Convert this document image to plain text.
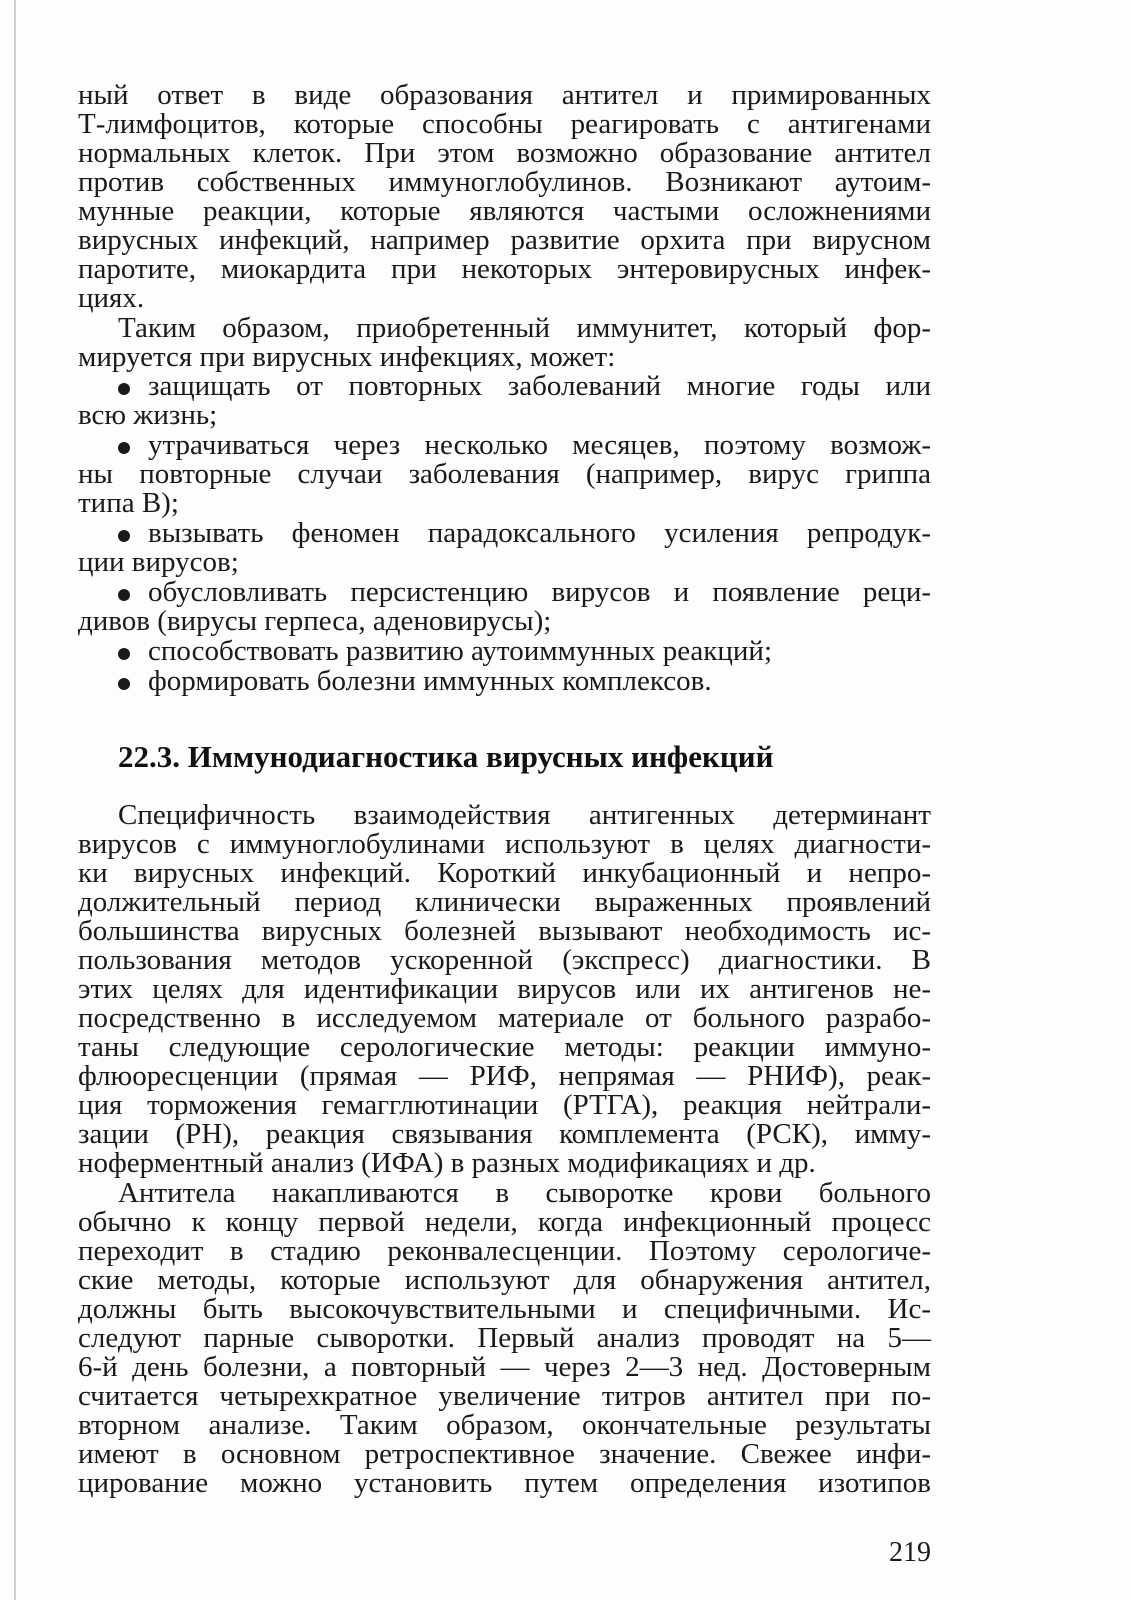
ный ответ в виде образования антител и примированных
Т-лимфоцитов, которые способны реагировать с антигенами
нормальных клеток. При этом возможно образование антител
против собственных иммуноглобулинов. Возникают аутоим-
мунные реакции, которые являются частыми осложнениями
вирусных инфекций, например развитие орхита при вирусном
паротите, миокардита при некоторых энтеровирусных инфек-
циях.
Таким образом, приобретенный иммунитет, который фор-
мируется при вирусных инфекциях, может:
защищать от повторных заболеваний многие годы или
всю жизнь;
утрачиваться через несколько месяцев, поэтому возмож-
ны повторные случаи заболевания (например, вирус гриппа
типа В);
вызывать феномен парадоксального усиления репродук-
ции вирусов;
обусловливать персистенцию вирусов и появление реци-
дивов (вирусы герпеса, аденовирусы);
способствовать развитию аутоиммунных реакций;
формировать болезни иммунных комплексов.
22.3. Иммунодиагностика вирусных инфекций
Специфичность взаимодействия антигенных детерминант
вирусов с иммуноглобулинами используют в целях диагности-
ки вирусных инфекций. Короткий инкубационный и непро-
должительный период клинически выраженных проявлений
большинства вирусных болезней вызывают необходимость ис-
пользования методов ускоренной (экспресс) диагностики. В
этих целях для идентификации вирусов или их антигенов не-
посредственно в исследуемом материале от больного разрабо-
таны следующие серологические методы: реакции иммуно-
флюоресценции (прямая — РИФ, непрямая — РНИФ), реак-
ция торможения гемагглютинации (РТГА), реакция нейтрали-
зации (РН), реакция связывания комплемента (РСК), имму-
ноферментный анализ (ИФА) в разных модификациях и др.
Антитела накапливаются в сыворотке крови больного
обычно к концу первой недели, когда инфекционный процесс
переходит в стадию реконвалесценции. Поэтому серологиче-
ские методы, которые используют для обнаружения антител,
должны быть высокочувствительными и специфичными. Ис-
следуют парные сыворотки. Первый анализ проводят на 5—
6-й день болезни, а повторный — через 2—3 нед. Достоверным
считается четырехкратное увеличение титров антител при по-
вторном анализе. Таким образом, окончательные результаты
имеют в основном ретроспективное значение. Свежее инфи-
цирование можно установить путем определения изотипов
219
